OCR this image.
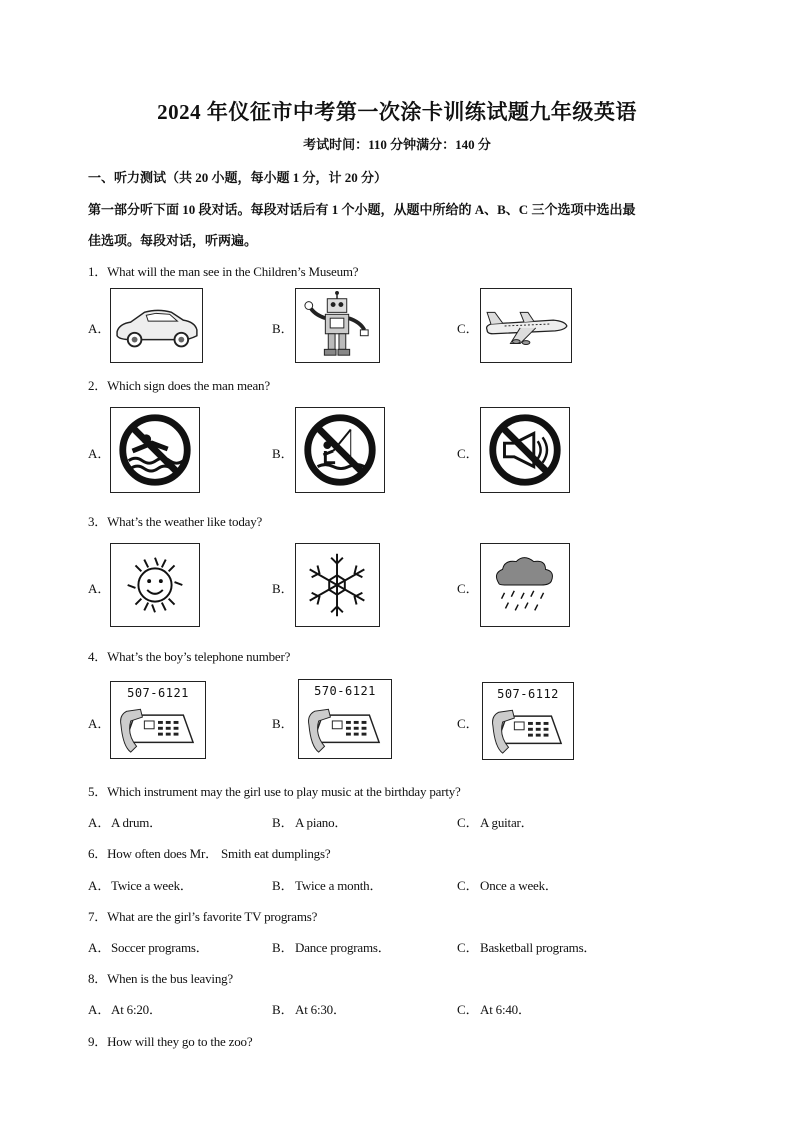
2024 年仪征市中考第一次涂卡训练试题九年级英语
考试时间：110 分钟满分：140 分
一、听力测试（共 20 小题，每小题 1 分，计 20 分）
第一部分听下面 10 段对话。每段对话后有 1 个小题，从题中所给的 A、B、C 三个选项中选出最
佳选项。每段对话，听两遍。
1．What will the man see in the Children’s Museum?
A．	B．	C．
2．Which sign does the man mean?
A．	B．	C．
3．What’s the weather like today?
A．	B．	C．
4．What’s the boy’s telephone number?
A．
507-6121
B．
570-6121
C．
507-6112
5．Which instrument may the girl use to play music at the birthday party?
A． A drum．	B． A piano．	C． A guitar．
6．How often does Mr． Smith eat dumplings?
A． Twice a week．	B． Twice a month．	C． Once a week．
7．What are the girl’s favorite TV programs?
A． Soccer programs．	B． Dance programs．	C． Basketball programs．
8．When is the bus leaving?
A． At 6:20．	B． At 6:30．	C． At 6:40．
9．How will they go to the zoo?
